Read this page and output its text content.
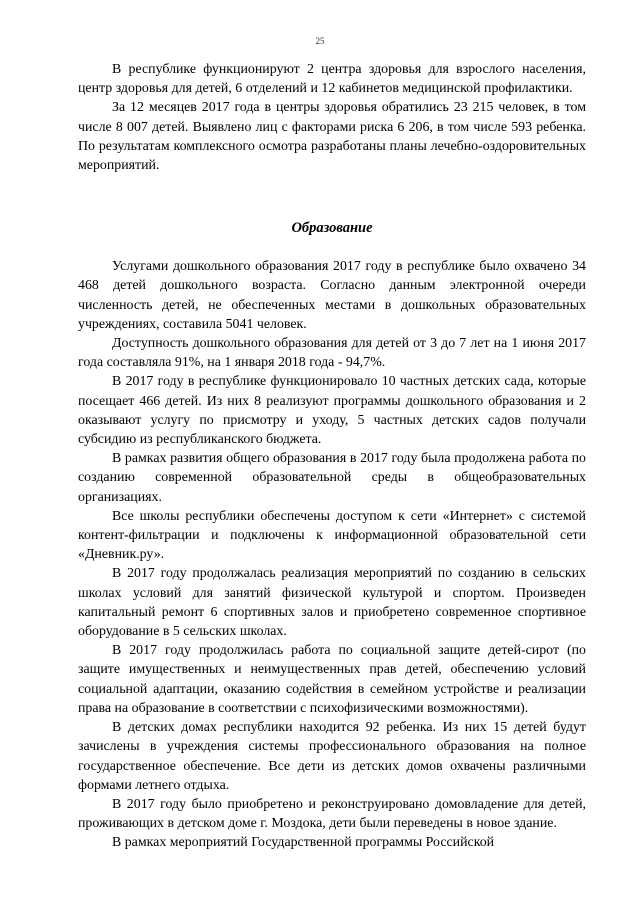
25

В республике функционируют 2 центра здоровья для взрослого населения, центр здоровья для детей, 6 отделений и 12 кабинетов медицинской профилактики.

За 12 месяцев 2017 года в центры здоровья обратились 23 215 человек, в том числе 8 007 детей. Выявлено лиц с факторами риска 6 206, в том числе 593 ребенка. По результатам комплексного осмотра разработаны планы лечебно-оздоровительных мероприятий.

Образование

Услугами дошкольного образования 2017 году в республике было охвачено 34 468 детей дошкольного возраста. Согласно данным электронной очереди численность детей, не обеспеченных местами в дошкольных образовательных учреждениях, составила 5041 человек.

Доступность дошкольного образования для детей от 3 до 7 лет на 1 июня 2017 года составляла 91%, на 1 января 2018 года - 94,7%.

В 2017 году в республике функционировало 10 частных детских сада, которые посещает 466 детей. Из них 8 реализуют программы дошкольного образования и 2 оказывают услугу по присмотру и уходу, 5 частных детских садов получали субсидию из республиканского бюджета.

В рамках развития общего образования в 2017 году была продолжена работа по созданию современной образовательной среды в общеобразовательных организациях.

Все школы республики обеспечены доступом к сети «Интернет» с системой контент-фильтрации и подключены к информационной образовательной сети «Дневник.ру».

В 2017 году продолжалась реализация мероприятий по созданию в сельских школах условий для занятий физической культурой и спортом. Произведен капитальный ремонт 6 спортивных залов и приобретено современное спортивное оборудование в 5 сельских школах.

В 2017 году продолжилась работа по социальной защите детей-сирот (по защите имущественных и неимущественных прав детей, обеспечению условий социальной адаптации, оказанию содействия в семейном устройстве и реализации права на образование в соответствии с психофизическими возможностями).

В детских домах республики находится 92 ребенка. Из них 15 детей будут зачислены в учреждения системы профессионального образования на полное государственное обеспечение. Все дети из детских домов охвачены различными формами летнего отдыха.

В 2017 году было приобретено и реконструировано домовладение для детей, проживающих в детском доме г. Моздока, дети были переведены в новое здание.

В рамках мероприятий Государственной программы Российской
